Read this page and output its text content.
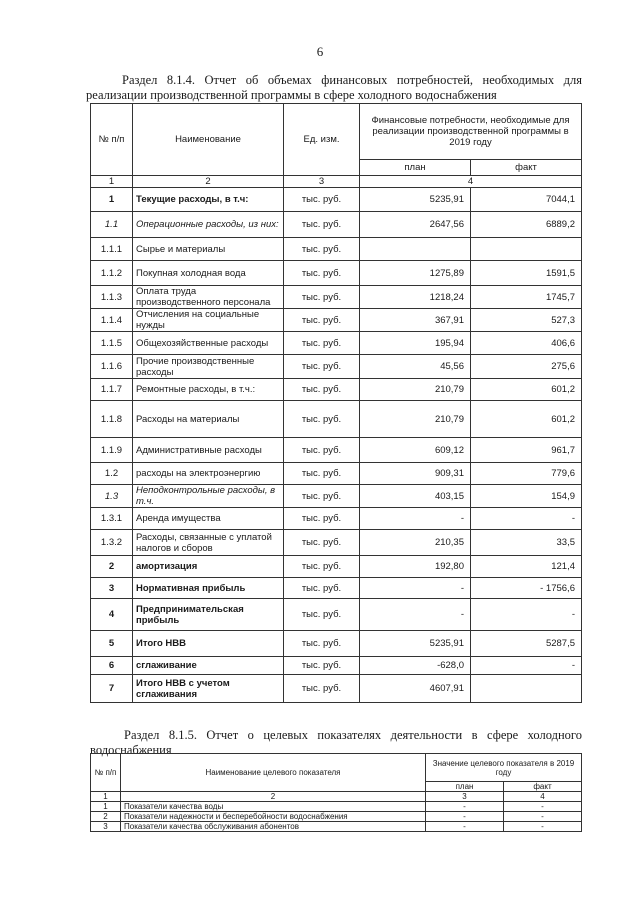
6
Раздел 8.1.4. Отчет об объемах финансовых потребностей, необходимых для реализации производственной программы в сфере холодного водоснабжения
№ п/п	Наименование	Ед. изм.	Финансовые потребности, необходимые для реализации производственной программы в 2019 году	
			план	факт
1	2	3	4	
1	Текущие расходы, в т.ч:	тыс. руб.	5235,91	7044,1
1.1	Операционные расходы, из них:	тыс. руб.	2647,56	6889,2
1.1.1	Сырье и материалы	тыс. руб.		
1.1.2	Покупная холодная вода	тыс. руб.	1275,89	1591,5
1.1.3	Оплата труда производственного персонала	тыс. руб.	1218,24	1745,7
1.1.4	Отчисления на социальные нужды	тыс. руб.	367,91	527,3
1.1.5	Общехозяйственные расходы	тыс. руб.	195,94	406,6
1.1.6	Прочие производственные расходы	тыс. руб.	45,56	275,6
1.1.7	Ремонтные расходы, в т.ч.:	тыс. руб.	210,79	601,2
1.1.8	Расходы на материалы	тыс. руб.	210,79	601,2
1.1.9	Административные расходы	тыс. руб.	609,12	961,7
1.2	расходы на электроэнергию	тыс. руб.	909,31	779,6
1.3	Неподконтрольные расходы, в т.ч.	тыс. руб.	403,15	154,9
1.3.1	Аренда имущества	тыс. руб.	-	-
1.3.2	Расходы, связанные с уплатой налогов и сборов	тыс. руб.	210,35	33,5
2	амортизация	тыс. руб.	192,80	121,4
3	Нормативная прибыль	тыс. руб.	-	- 1756,6
4	Предпринимательская прибыль	тыс. руб.	-	-
5	Итого НВВ	тыс. руб.	5235,91	5287,5
6	сглаживание	тыс. руб.	-628,0	-
7	Итого НВВ с учетом сглаживания	тыс. руб.	4607,91	
Раздел 8.1.5. Отчет о целевых показателях деятельности в сфере холодного водоснабжения
№ п/п	Наименование целевого показателя	Значение целевого показателя в 2019 году	
		план	факт
1	2	3	4
1	Показатели качества воды	-	-
2	Показатели надежности и бесперебойности водоснабжения	-	-
3	Показатели качества обслуживания абонентов	-	-
